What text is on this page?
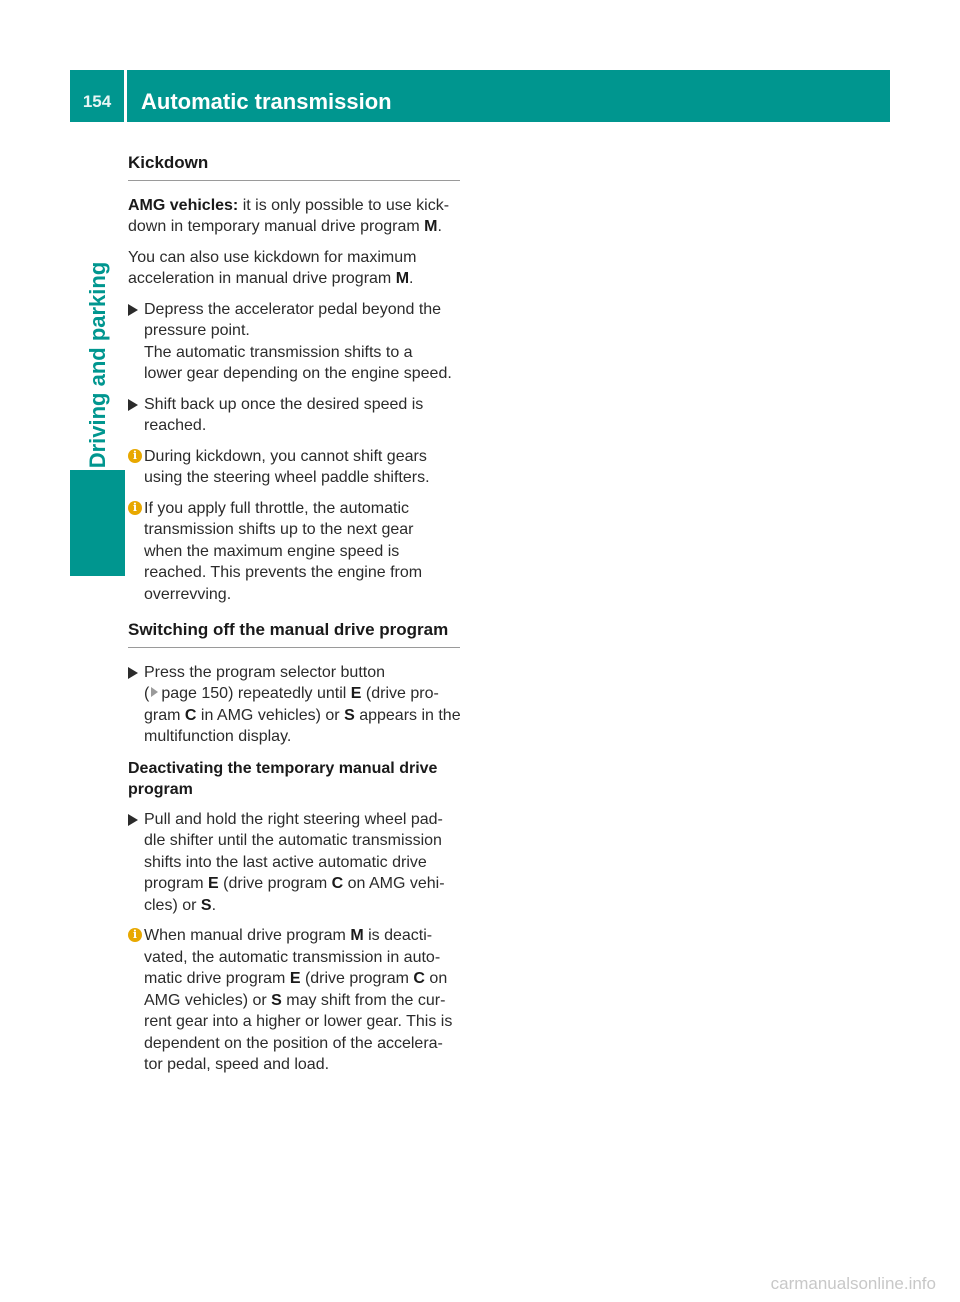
154	Automatic transmission
Driving and parking
Kickdown

AMG vehicles: it is only possible to use kick-
down in temporary manual drive program M.

You can also use kickdown for maximum
acceleration in manual drive program M.

Depress the accelerator pedal beyond the
pressure point.
The automatic transmission shifts to a
lower gear depending on the engine speed.
Shift back up once the desired speed is
reached.
i During kickdown, you cannot shift gears
using the steering wheel paddle shifters.
i If you apply full throttle, the automatic
transmission shifts up to the next gear
when the maximum engine speed is
reached. This prevents the engine from
overrevving.
Switching off the manual drive program
Press the program selector button
( page 150) repeatedly until E (drive pro-
gram C in AMG vehicles) or S appears in the
multifunction display.
Deactivating the temporary manual drive
program
Pull and hold the right steering wheel pad-
dle shifter until the automatic transmission
shifts into the last active automatic drive
program E (drive program C on AMG vehi-
cles) or S.
i When manual drive program M is deacti-
vated, the automatic transmission in auto-
matic drive program E (drive program C on
AMG vehicles) or S may shift from the cur-
rent gear into a higher or lower gear. This is
dependent on the position of the accelera-
tor pedal, speed and load.
carmanualsonline.info
